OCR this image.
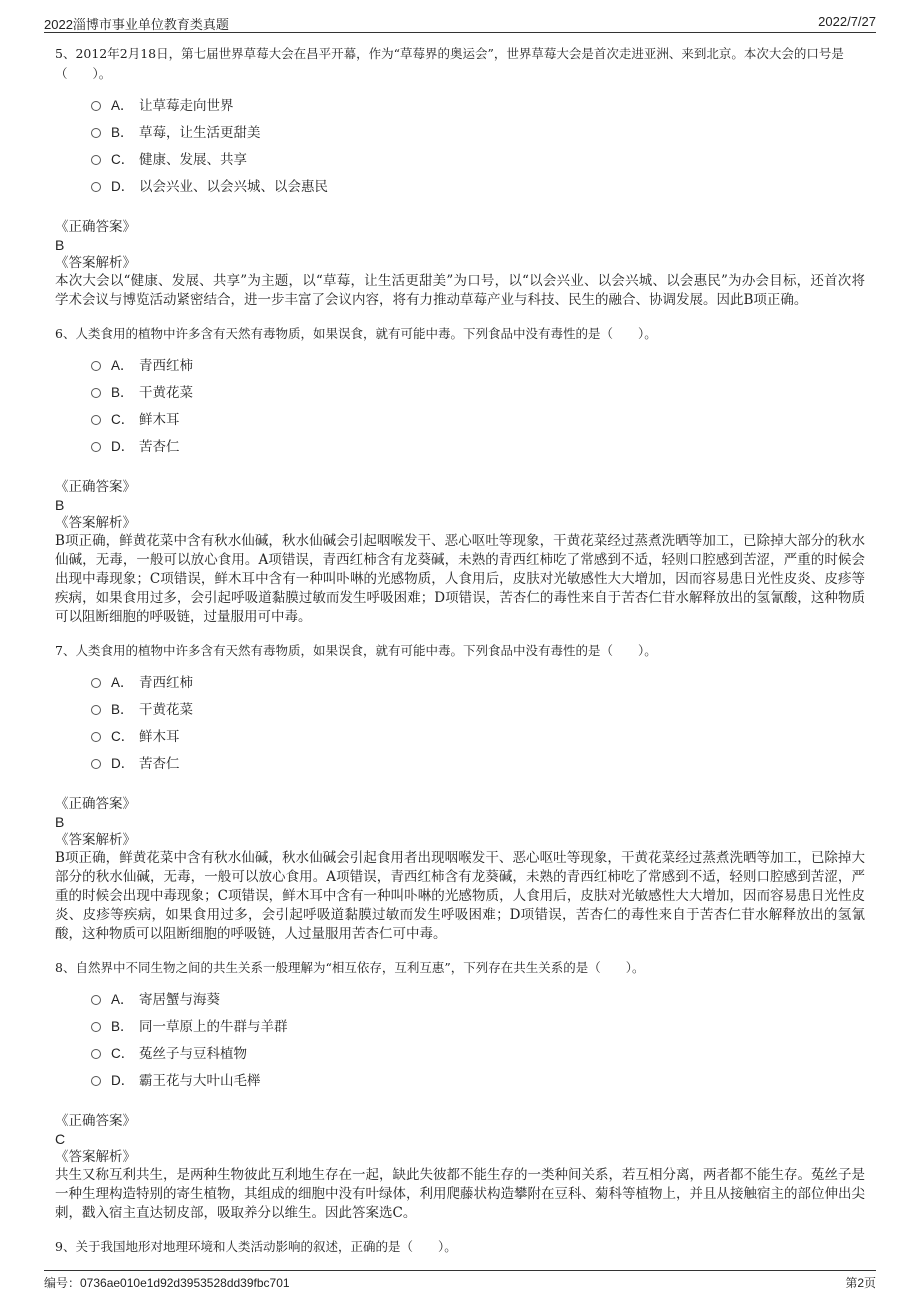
2022淄博市事业单位教育类真题	2022/7/27

5、2012年2月18日，第七届世界草莓大会在昌平开幕，作为“草莓界的奥运会”，世界草莓大会是首次走进亚洲、来到北京。本次大会的口号是（　　）。

A． 让草莓走向世界
B． 草莓，让生活更甜美
C． 健康、发展、共享
D． 以会兴业、以会兴城、以会惠民

《正确答案》

B

《答案解析》

本次大会以“健康、发展、共享”为主题，以“草莓，让生活更甜美”为口号，以“以会兴业、以会兴城、以会惠民”为办会目标，还首次将学术会议与博览活动紧密结合，进一步丰富了会议内容，将有力推动草莓产业与科技、民生的融合、协调发展。因此B项正确。

6、人类食用的植物中许多含有天然有毒物质，如果误食，就有可能中毒。下列食品中没有毒性的是（　　）。

A． 青西红柿
B． 干黄花菜
C． 鲜木耳
D． 苦杏仁

《正确答案》

B

《答案解析》

B项正确，鲜黄花菜中含有秋水仙碱，秋水仙碱会引起咽喉发干、恶心呕吐等现象，干黄花菜经过蒸煮洗晒等加工，已除掉大部分的秋水仙碱，无毒，一般可以放心食用。A项错误，青西红柿含有龙葵碱，未熟的青西红柿吃了常感到不适，轻则口腔感到苦涩，严重的时候会出现中毒现象；C项错误，鲜木耳中含有一种叫卟啉的光感物质，人食用后，皮肤对光敏感性大大增加，因而容易患日光性皮炎、皮疹等疾病，如果食用过多，会引起呼吸道黏膜过敏而发生呼吸困难；D项错误，苦杏仁的毒性来自于苦杏仁苷水解释放出的氢氰酸，这种物质可以阻断细胞的呼吸链，过量服用可中毒。

7、人类食用的植物中许多含有天然有毒物质，如果误食，就有可能中毒。下列食品中没有毒性的是（　　）。

A． 青西红柿
B． 干黄花菜
C． 鲜木耳
D． 苦杏仁

《正确答案》

B

《答案解析》

B项正确，鲜黄花菜中含有秋水仙碱，秋水仙碱会引起食用者出现咽喉发干、恶心呕吐等现象，干黄花菜经过蒸煮洗晒等加工，已除掉大部分的秋水仙碱，无毒，一般可以放心食用。A项错误，青西红柿含有龙葵碱，未熟的青西红柿吃了常感到不适，轻则口腔感到苦涩，严重的时候会出现中毒现象；C项错误，鲜木耳中含有一种叫卟啉的光感物质，人食用后，皮肤对光敏感性大大增加，因而容易患日光性皮炎、皮疹等疾病，如果食用过多，会引起呼吸道黏膜过敏而发生呼吸困难；D项错误，苦杏仁的毒性来自于苦杏仁苷水解释放出的氢氰酸，这种物质可以阻断细胞的呼吸链，人过量服用苦杏仁可中毒。

8、自然界中不同生物之间的共生关系一般理解为“相互依存，互利互惠”，下列存在共生关系的是（　　）。

A． 寄居蟹与海葵
B． 同一草原上的牛群与羊群
C． 菟丝子与豆科植物
D． 霸王花与大叶山毛榉

《正确答案》

C

《答案解析》

共生又称互利共生，是两种生物彼此互利地生存在一起，缺此失彼都不能生存的一类种间关系，若互相分离，两者都不能生存。菟丝子是一种生理构造特别的寄生植物，其组成的细胞中没有叶绿体，利用爬藤状构造攀附在豆科、菊科等植物上，并且从接触宿主的部位伸出尖刺，戳入宿主直达韧皮部，吸取养分以维生。因此答案选C。

9、关于我国地形对地理环境和人类活动影响的叙述，正确的是（　　）。

编号：0736ae010e1d92d3953528dd39fbc701	第2页
